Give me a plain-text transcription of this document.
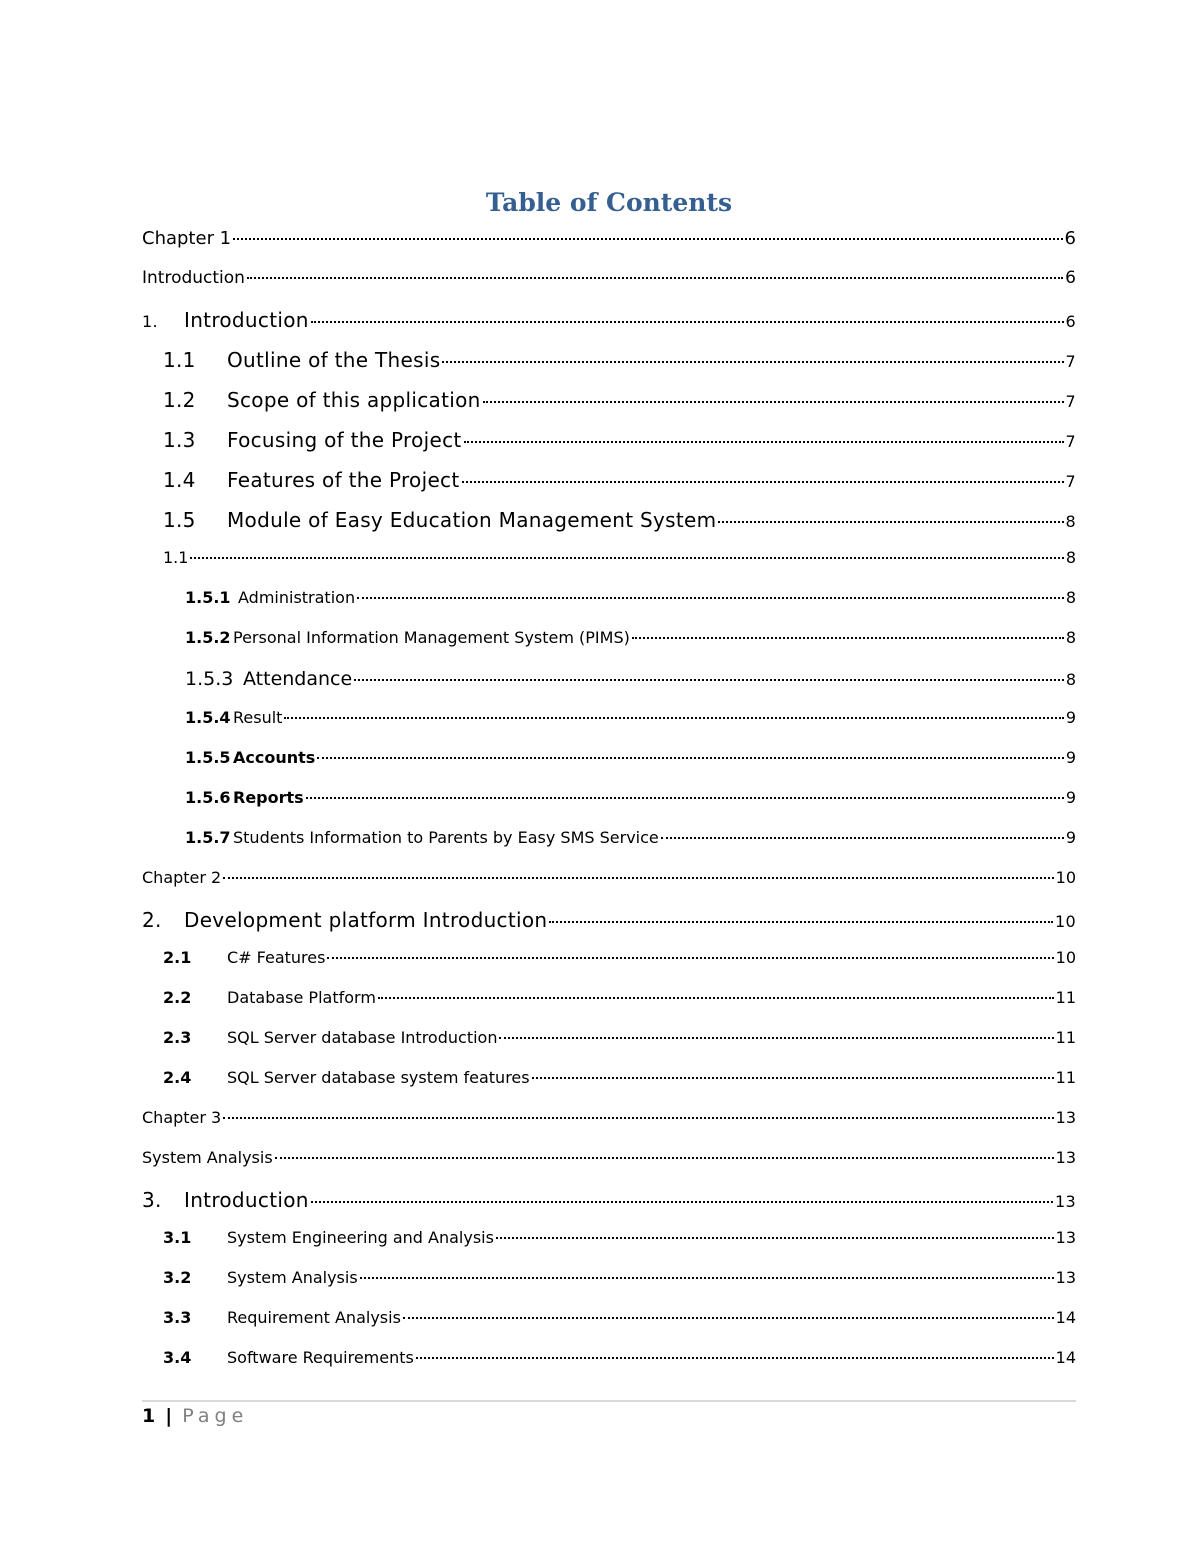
Table of Contents
Chapter 1	6
Introduction	6
1.	Introduction	6
1.1	Outline of the Thesis	7
1.2	Scope of this application	7
1.3	Focusing of the Project	7
1.4	Features of the Project	7
1.5	Module of Easy Education Management System	8
1.1	8
1.5.1 Administration	8
1.5.2 Personal Information Management System (PIMS)	8
1.5.3 Attendance	8
1.5.4 Result	9
1.5.5 Accounts	9
1.5.6 Reports	9
1.5.7 Students Information to Parents by Easy SMS Service	9
Chapter 2	10
2.	Development platform Introduction	10
2.1	C# Features	10
2.2	Database Platform	11
2.3	SQL Server database Introduction	11
2.4	SQL Server database system features	11
Chapter 3	13
System Analysis	13
3.	Introduction	13
3.1	System Engineering and Analysis	13
3.2	System Analysis	13
3.3	Requirement Analysis	14
3.4	Software Requirements	14
1 | Page
